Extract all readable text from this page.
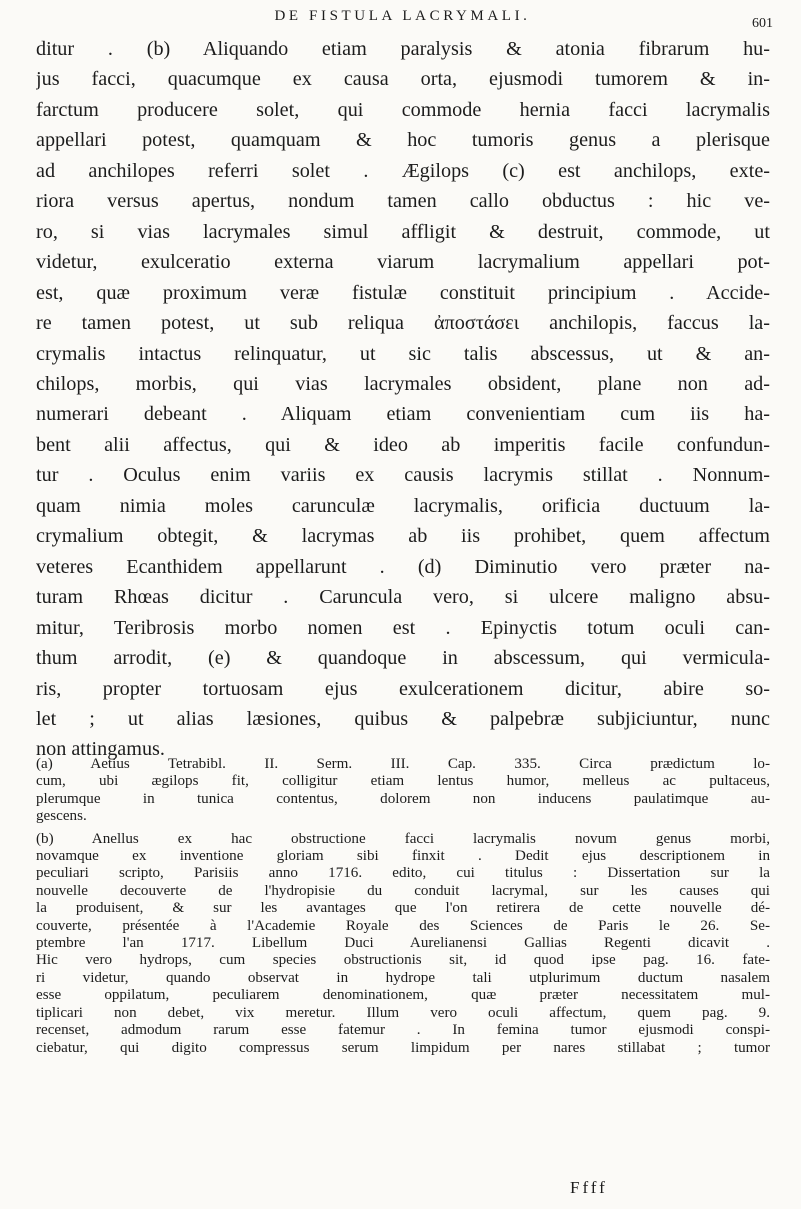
DE FISTULA LACRYMALI.	601

ditur . (b) Aliquando etiam paralysis & atonia fibrarum hu-

jus facci, quacumque ex causa orta, ejusmodi tumorem & in-

farctum producere solet, qui commode hernia facci lacrymalis

appellari potest, quamquam & hoc tumoris genus a plerisque

ad anchilopes referri solet . Ægilops (c) est anchilops, exte-

riora versus apertus, nondum tamen callo obductus : hic ve-

ro, si vias lacrymales simul affligit & destruit, commode, ut

videtur, exulceratio externa viarum lacrymalium appellari pot-

est, quæ proximum veræ fistulæ constituit principium . Accide-

re tamen potest, ut sub reliqua ἀποστάσει anchilopis, faccus la-

crymalis intactus relinquatur, ut sic talis abscessus, ut & an-

chilops, morbis, qui vias lacrymales obsident, plane non ad-

numerari debeant . Aliquam etiam convenientiam cum iis ha-

bent alii affectus, qui & ideo ab imperitis facile confundun-

tur . Oculus enim variis ex causis lacrymis stillat . Nonnum-

quam nimia moles carunculæ lacrymalis, orificia ductuum la-

crymalium obtegit, & lacrymas ab iis prohibet, quem affectum

veteres Ecanthidem appellarunt . (d) Diminutio vero præter na-

turam Rhœas dicitur . Caruncula vero, si ulcere maligno absu-

mitur, Teribrosis morbo nomen est . Epinyctis totum oculi can-

thum arrodit, (e) & quandoque in abscessum, qui vermicula-

ris, propter tortuosam ejus exulcerationem dicitur, abire so-

let ; ut alias læsiones, quibus & palpebræ subjiciuntur, nunc

non attingamus.

(a) Aetius Tetrabibl. II. Serm. III. Cap. 335. Circa prædictum lo-

cum, ubi ægilops fit, colligitur etiam lentus humor, melleus ac pultaceus,

plerumque in tunica contentus, dolorem non inducens paulatimque au-

gescens.

(b) Anellus ex hac obstructione facci lacrymalis novum genus morbi,

novamque ex inventione gloriam sibi finxit . Dedit ejus descriptionem in

peculiari scripto, Parisiis anno 1716. edito, cui titulus : Dissertation sur la

nouvelle decouverte de l'hydropisie du conduit lacrymal, sur les causes qui

la produisent, & sur les avantages que l'on retirera de cette nouvelle dé-

couverte, présentée à l'Academie Royale des Sciences de Paris le 26. Se-

ptembre l'an 1717. Libellum Duci Aurelianensi Gallias Regenti dicavit .

Hic vero hydrops, cum species obstructionis sit, id quod ipse pag. 16. fate-

ri videtur, quando observat in hydrope tali utplurimum ductum nasalem

esse oppilatum, peculiarem denominationem, quæ præter necessitatem mul-

tiplicari non debet, vix meretur. Illum vero oculi affectum, quem pag. 9.

recenset, admodum rarum esse fatemur . In femina tumor ejusmodi conspi-

ciebatur, qui digito compressus serum limpidum per nares stillabat ; tumor

Ffff
